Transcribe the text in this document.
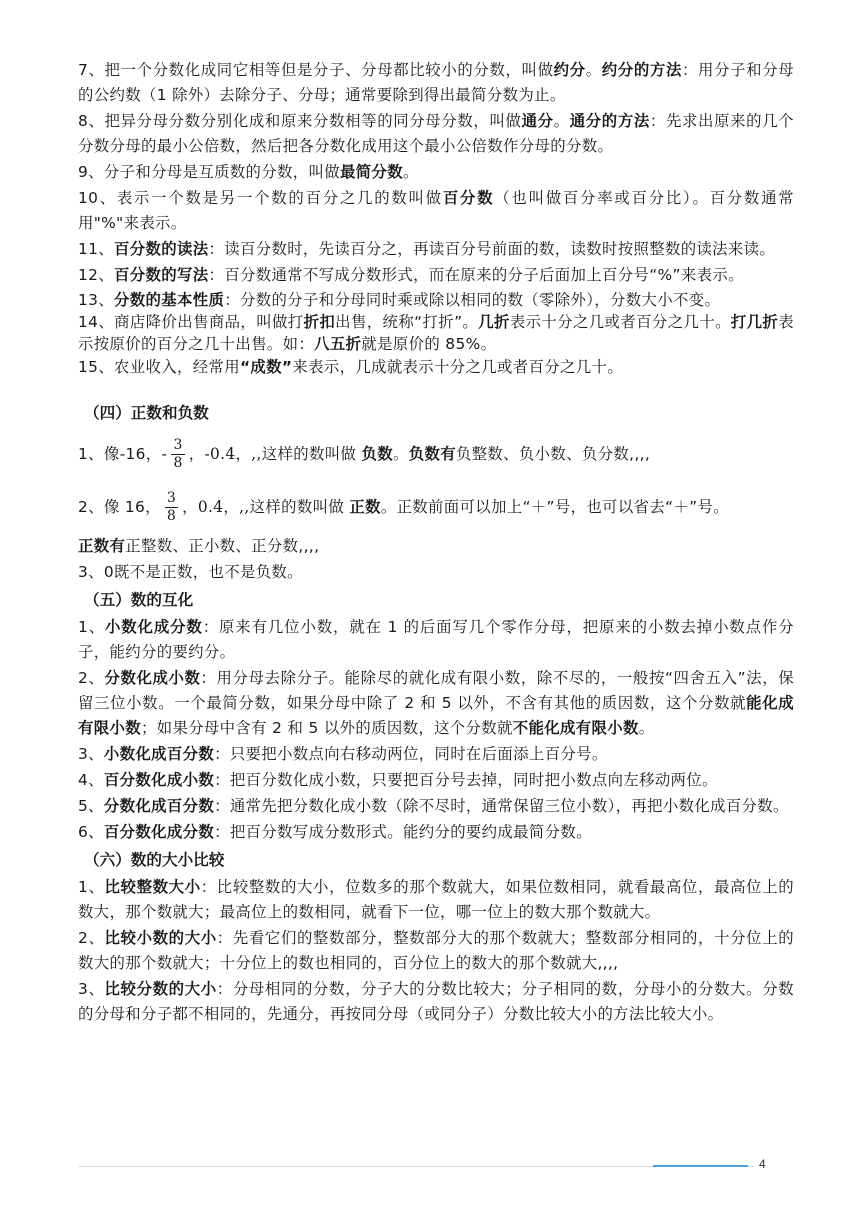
7、把一个分数化成同它相等但是分子、分母都比较小的分数，叫做约分。约分的方法：用分子和分母的公约数（1 除外）去除分子、分母；通常要除到得出最简分数为止。

8、把异分母分数分别化成和原来分数相等的同分母分数，叫做通分。通分的方法：先求出原来的几个分数分母的最小公倍数，然后把各分数化成用这个最小公倍数作分母的分数。

9、分子和分母是互质数的分数，叫做最简分数。

10、表示一个数是另一个数的百分之几的数叫做百分数（也叫做百分率或百分比）。百分数通常用"%"来表示。

11、百分数的读法：读百分数时，先读百分之，再读百分号前面的数，读数时按照整数的读法来读。

12、百分数的写法：百分数通常不写成分数形式，而在原来的分子后面加上百分号“%”来表示。

13、分数的基本性质：分数的分子和分母同时乘或除以相同的数（零除外），分数大小不变。

14、商店降价出售商品，叫做打折扣出售，统称“打折”。几折表示十分之几或者百分之几十。打几折表示按原价的百分之几十出售。如：八五折就是原价的 85%。

15、农业收入，经常用“成数”来表示，几成就表示十分之几或者百分之几十。

（四）正数和负数
1、像-16，- $\frac{3}{8}$ ，-0.4，,,这样的数叫做
负数 。 负数有 负整数、负小数、负分数,,,,
2、像 16， $\frac{3}{8}$ ，0.4，,,这样的数叫做
正数 。正数前面可以加上“＋”号，也可以省去“＋”号。

正数有正整数、正小数、正分数,,,,

3、0既不是正数，也不是负数。

（五）数的互化

1、小数化成分数：原来有几位小数，就在 1 的后面写几个零作分母，把原来的小数去掉小数点作分子，能约分的要约分。

2、分数化成小数：用分母去除分子。能除尽的就化成有限小数，除不尽的，一般按“四舍五入”法，保留三位小数。一个最简分数，如果分母中除了 2 和 5 以外，不含有其他的质因数，这个分数就能化成有限小数；如果分母中含有 2 和 5 以外的质因数，这个分数就不能化成有限小数。

3、小数化成百分数：只要把小数点向右移动两位，同时在后面添上百分号。

4、百分数化成小数：把百分数化成小数，只要把百分号去掉，同时把小数点向左移动两位。

5、分数化成百分数：通常先把分数化成小数（除不尽时，通常保留三位小数），再把小数化成百分数。

6、百分数化成分数：把百分数写成分数形式。能约分的要约成最简分数。

（六）数的大小比较

1、比较整数大小：比较整数的大小，位数多的那个数就大，如果位数相同，就看最高位，最高位上的数大，那个数就大；最高位上的数相同，就看下一位，哪一位上的数大那个数就大。

2、比较小数的大小：先看它们的整数部分，整数部分大的那个数就大；整数部分相同的，十分位上的数大的那个数就大；十分位上的数也相同的，百分位上的数大的那个数就大,,,,

3、比较分数的大小：分母相同的分数，分子大的分数比较大；分子相同的数，分母小的分数大。分数的分母和分子都不相同的，先通分，再按同分母（或同分子）分数比较大小的方法比较大小。

4
